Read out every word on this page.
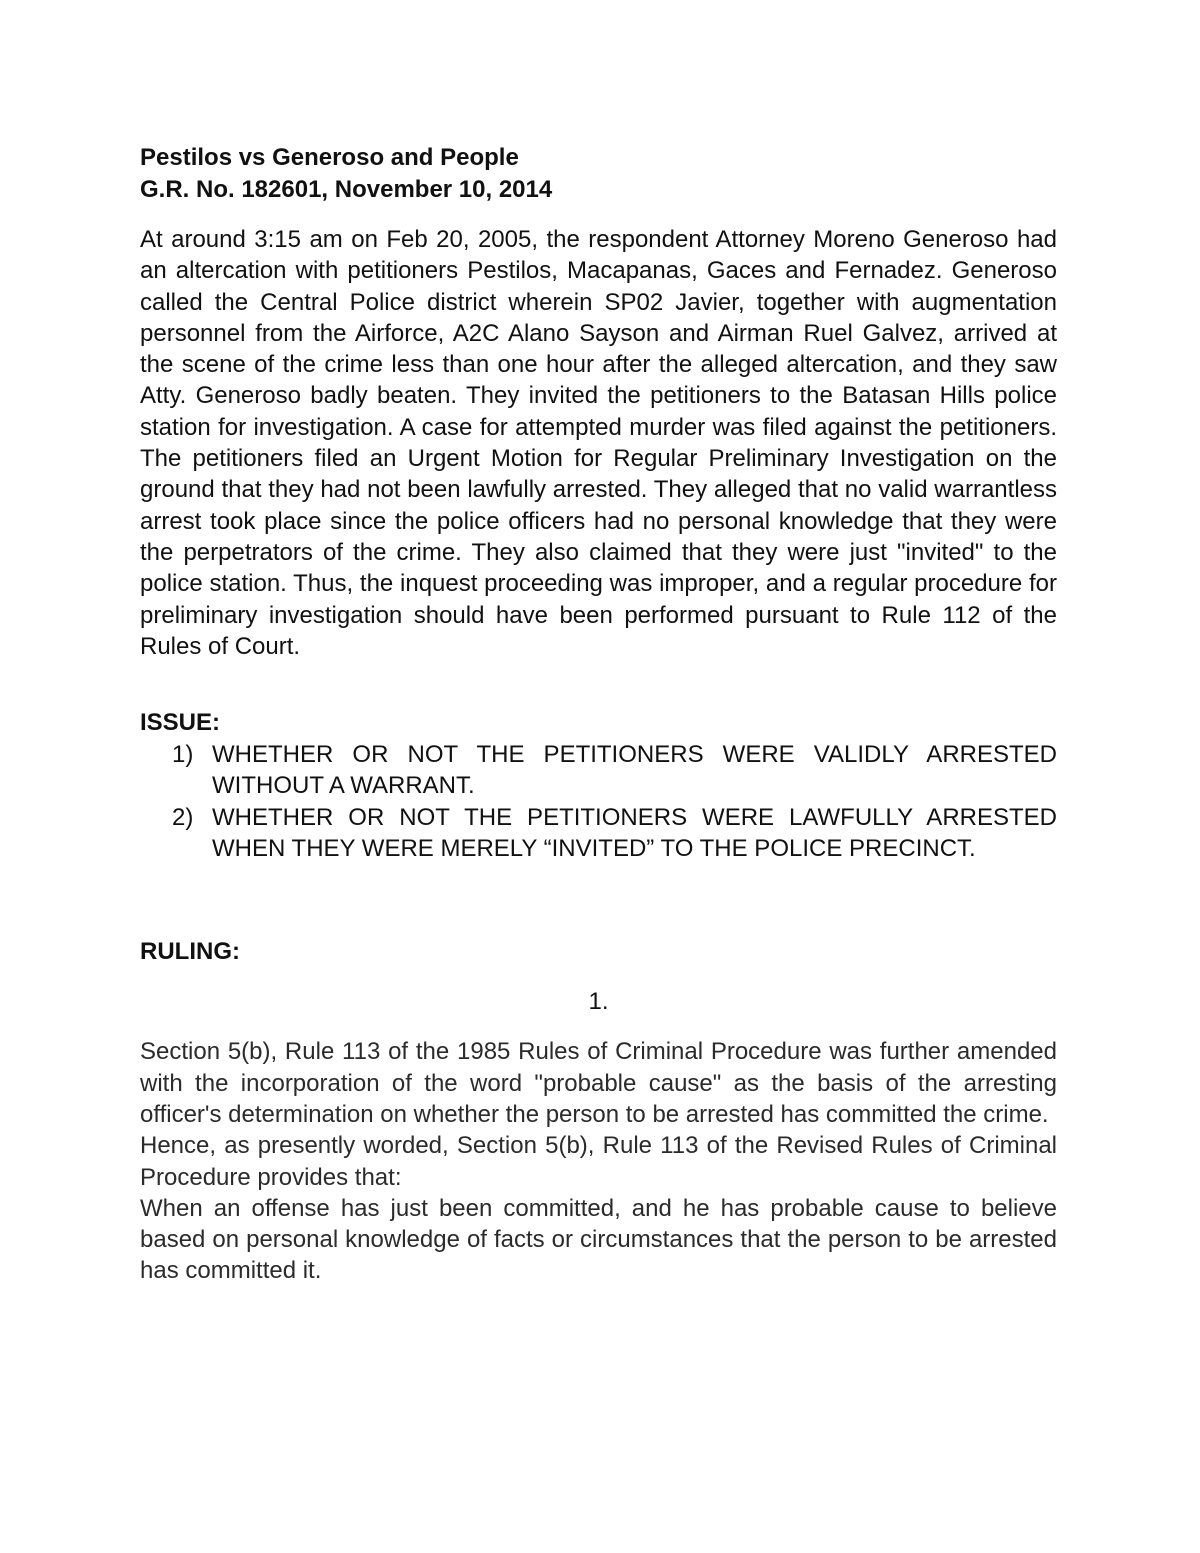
Pestilos vs Generoso and People

G.R. No. 182601, November 10, 2014

At around 3:15 am on Feb 20, 2005, the respondent Attorney Moreno Generoso had an altercation with petitioners Pestilos, Macapanas, Gaces and Fernadez. Generoso called the Central Police district wherein SP02 Javier, together with augmentation personnel from the Airforce, A2C Alano Sayson and Airman Ruel Galvez, arrived at the scene of the crime less than one hour after the alleged altercation, and they saw Atty. Generoso badly beaten. They invited the petitioners to the Batasan Hills police station for investigation. A case for attempted murder was filed against the petitioners. The petitioners filed an Urgent Motion for Regular Preliminary Investigation on the ground that they had not been lawfully arrested. They alleged that no valid warrantless arrest took place since the police officers had no personal knowledge that they were the perpetrators of the crime. They also claimed that they were just "invited" to the police station. Thus, the inquest proceeding was improper, and a regular procedure for preliminary investigation should have been performed pursuant to Rule 112 of the Rules of Court.

ISSUE:

1) WHETHER OR NOT THE PETITIONERS WERE VALIDLY ARRESTED WITHOUT A WARRANT.
2) WHETHER OR NOT THE PETITIONERS WERE LAWFULLY ARRESTED WHEN THEY WERE MERELY “INVITED” TO THE POLICE PRECINCT.

RULING:

1.

Section 5(b), Rule 113 of the 1985 Rules of Criminal Procedure was further amended with the incorporation of the word "probable cause" as the basis of the arresting officer's determination on whether the person to be arrested has committed the crime.

Hence, as presently worded, Section 5(b), Rule 113 of the Revised Rules of Criminal Procedure provides that:

When an offense has just been committed, and he has probable cause to believe based on personal knowledge of facts or circumstances that the person to be arrested has committed it.
